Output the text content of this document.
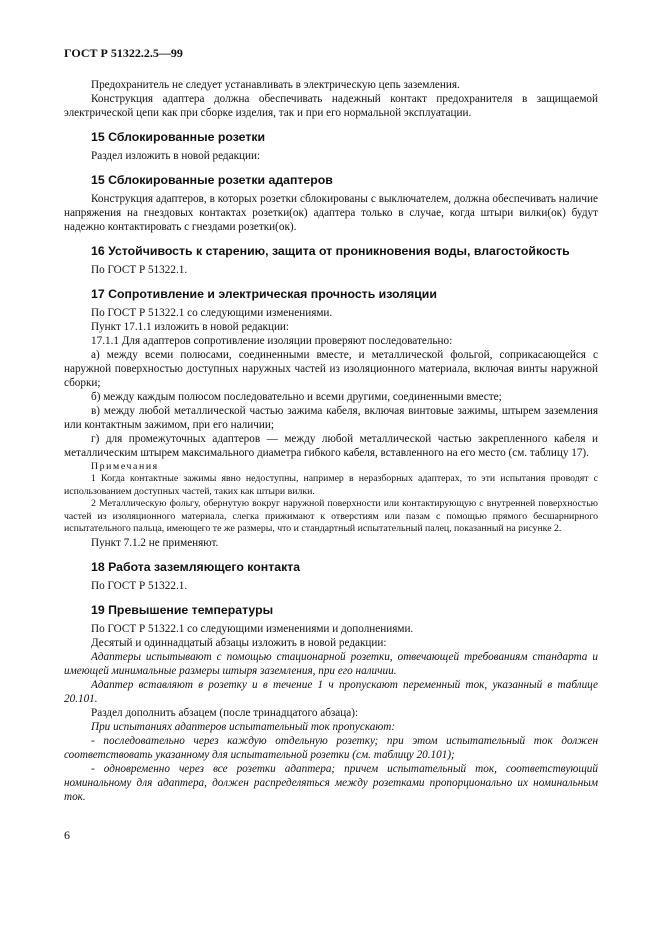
ГОСТ Р 51322.2.5—99

Предохранитель не следует устанавливать в электрическую цепь заземления.

Конструкция адаптера должна обеспечивать надежный контакт предохранителя в защищаемой электрической цепи как при сборке изделия, так и при его нормальной эксплуатации.

15 Сблокированные розетки

Раздел изложить в новой редакции:

15 Сблокированные розетки адаптеров

Конструкция адаптеров, в которых розетки сблокированы с выключателем, должна обеспечивать наличие напряжения на гнездовых контактах розетки(ок) адаптера только в случае, когда штыри вилки(ок) будут надежно контактировать с гнездами розетки(ок).

16 Устойчивость к старению, защита от проникновения воды, влагостойкость

По ГОСТ Р 51322.1.

17 Сопротивление и электрическая прочность изоляции

По ГОСТ Р 51322.1 со следующими изменениями.

Пункт 17.1.1 изложить в новой редакции:

17.1.1 Для адаптеров сопротивление изоляции проверяют последовательно:

а) между всеми полюсами, соединенными вместе, и металлической фольгой, соприкасающейся с наружной поверхностью доступных наружных частей из изоляционного материала, включая винты наружной сборки;

б) между каждым полюсом последовательно и всеми другими, соединенными вместе;

в) между любой металлической частью зажима кабеля, включая винтовые зажимы, штырем заземления или контактным зажимом, при его наличии;

г) для промежуточных адаптеров — между любой металлической частью закрепленного кабеля и металлическим штырем максимального диаметра гибкого кабеля, вставленного на его место (см. таблицу 17).

Примечания

1 Когда контактные зажимы явно недоступны, например в неразборных адаптерах, то эти испытания проводят с использованием доступных частей, таких как штыри вилки.

2 Металлическую фольгу, обернутую вокруг наружной поверхности или контактирующую с внутренней поверхностью частей из изоляционного материала, слегка прижимают к отверстиям или пазам с помощью прямого бесшарнирного испытательного пальца, имеющего те же размеры, что и стандартный испытательный палец, показанный на рисунке 2.

Пункт 7.1.2 не применяют.

18 Работа заземляющего контакта

По ГОСТ Р 51322.1.

19 Превышение температуры

По ГОСТ Р 51322.1 со следующими изменениями и дополнениями.

Десятый и одиннадцатый абзацы изложить в новой редакции:

Адаптеры испытывают с помощью стационарной розетки, отвечающей требованиям стандарта и имеющей минимальные размеры штыря заземления, при его наличии.

Адаптер вставляют в розетку и в течение 1 ч пропускают переменный ток, указанный в таблице 20.101.

Раздел дополнить абзацем (после тринадцатого абзаца):

При испытаниях адаптеров испытательный ток пропускают:

- последовательно через каждую отдельную розетку; при этом испытательный ток должен соответствовать указанному для испытательной розетки (см. таблицу 20.101);

- одновременно через все розетки адаптера; причем испытательный ток, соответствующий номинальному для адаптера, должен распределяться между розетками пропорционально их номинальным ток.

6
